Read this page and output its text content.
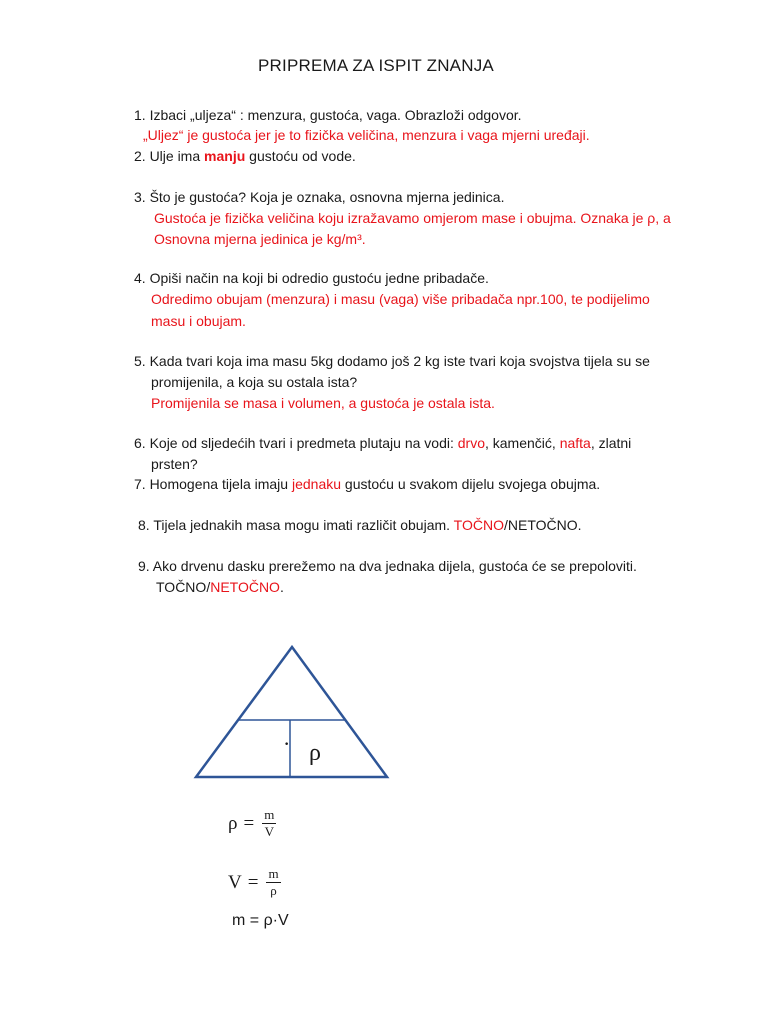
PRIPREMA ZA ISPIT ZNANJA
1. Izbaci „uljeza“ : menzura, gustoća, vaga. Obrazloži odgovor.
„Uljez“ je gustoća jer je to fizička veličina, menzura i vaga mjerni uređaji.
2. Ulje ima manju gustoću od vode.
3. Što je gustoća? Koja je oznaka, osnovna mjerna jedinica.
Gustoća je fizička veličina koju izražavamo omjerom mase i obujma. Oznaka je ρ, a
Osnovna mjerna jedinica je kg/m³.
4. Opiši način na koji bi odredio gustoću jedne pribadače.
Odredimo obujam (menzura) i masu (vaga) više pribadača npr.100, te podijelimo
masu i obujam.
5. Kada tvari koja ima masu 5kg dodamo još 2 kg iste tvari koja svojstva tijela su se
promijenila, a koja su ostala ista?
Promijenila se masa i volumen, a gustoća je ostala ista.
6. Koje od sljedećih tvari i predmeta plutaju na vodi: drvo, kamenčić, nafta, zlatni
prsten?
7. Homogena tijela imaju jednaku gustoću u svakom dijelu svojega obujma.
8. Tijela jednakih masa mogu imati različit obujam. TOČNO/NETOČNO.
9. Ako drvenu dasku prerežemo na dva jednaka dijela, gustoća će se prepoloviti.
TOČNO/NETOČNO.
· ρ
$\rho = \frac{m}{V}$
$V = \frac{m}{\rho}$
m = ρ·V
